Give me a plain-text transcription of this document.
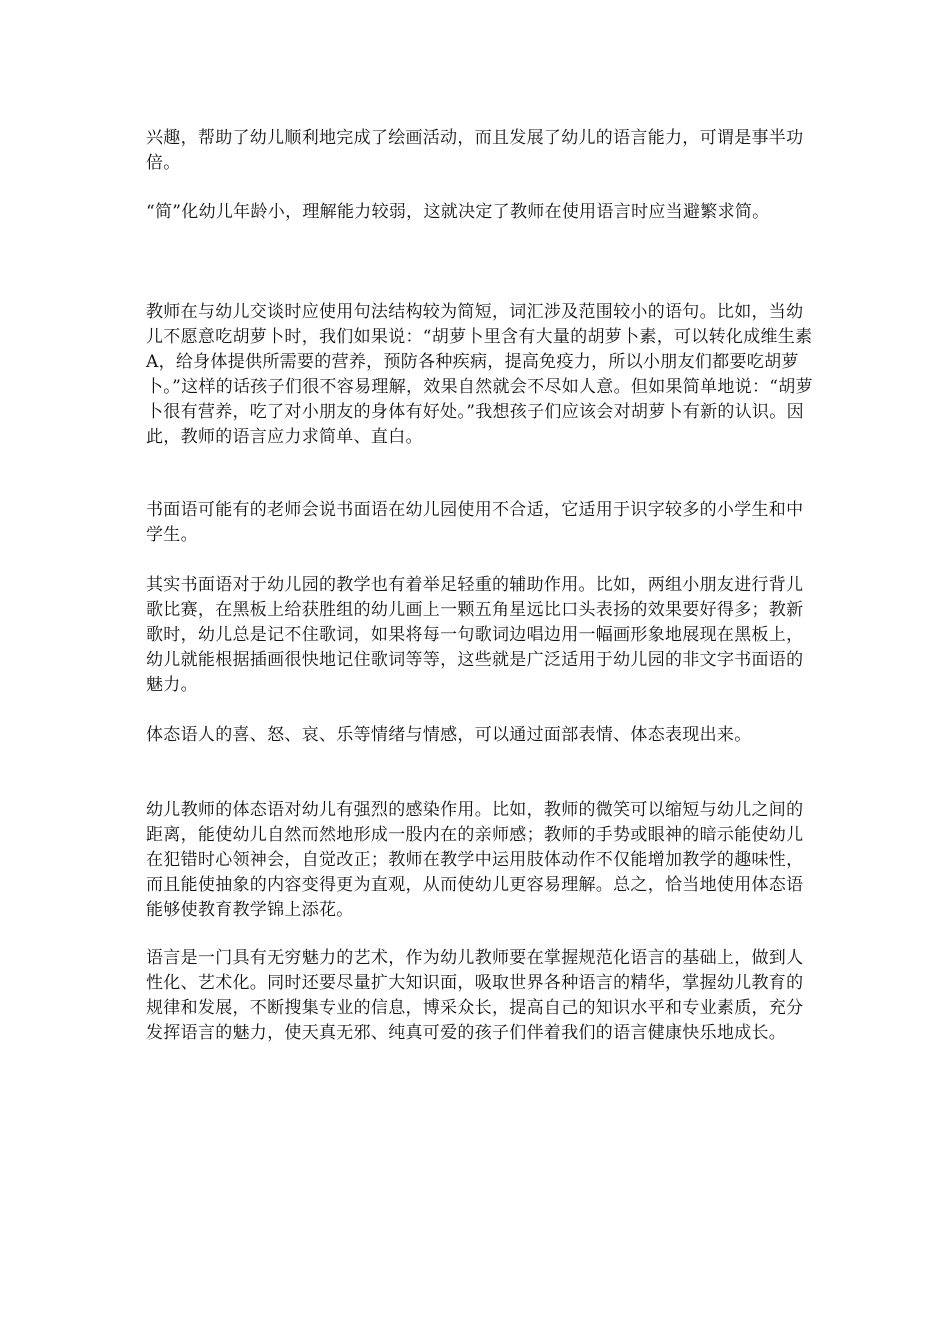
兴趣，帮助了幼儿顺利地完成了绘画活动，而且发展了幼儿的语言能力，可谓是事半功倍。

“简”化幼儿年龄小，理解能力较弱，这就决定了教师在使用语言时应当避繁求简。

教师在与幼儿交谈时应使用句法结构较为简短，词汇涉及范围较小的语句。比如，当幼儿不愿意吃胡萝卜时，我们如果说：“胡萝卜里含有大量的胡萝卜素，可以转化成维生素A，给身体提供所需要的营养，预防各种疾病，提高免疫力，所以小朋友们都要吃胡萝卜。”这样的话孩子们很不容易理解，效果自然就会不尽如人意。但如果简单地说：“胡萝卜很有营养，吃了对小朋友的身体有好处。”我想孩子们应该会对胡萝卜有新的认识。因此，教师的语言应力求简单、直白。

书面语可能有的老师会说书面语在幼儿园使用不合适，它适用于识字较多的小学生和中学生。

其实书面语对于幼儿园的教学也有着举足轻重的辅助作用。比如，两组小朋友进行背儿歌比赛，在黑板上给获胜组的幼儿画上一颗五角星远比口头表扬的效果要好得多；教新歌时，幼儿总是记不住歌词，如果将每一句歌词边唱边用一幅画形象地展现在黑板上，幼儿就能根据插画很快地记住歌词等等，这些就是广泛适用于幼儿园的非文字书面语的魅力。

体态语人的喜、怒、哀、乐等情绪与情感，可以通过面部表情、体态表现出来。

幼儿教师的体态语对幼儿有强烈的感染作用。比如，教师的微笑可以缩短与幼儿之间的距离，能使幼儿自然而然地形成一股内在的亲师感；教师的手势或眼神的暗示能使幼儿在犯错时心领神会，自觉改正；教师在教学中运用肢体动作不仅能增加教学的趣味性，而且能使抽象的内容变得更为直观，从而使幼儿更容易理解。总之，恰当地使用体态语能够使教育教学锦上添花。

语言是一门具有无穷魅力的艺术，作为幼儿教师要在掌握规范化语言的基础上，做到人性化、艺术化。同时还要尽量扩大知识面，吸取世界各种语言的精华，掌握幼儿教育的规律和发展，不断搜集专业的信息，博采众长，提高自己的知识水平和专业素质，充分发挥语言的魅力，使天真无邪、纯真可爱的孩子们伴着我们的语言健康快乐地成长。
